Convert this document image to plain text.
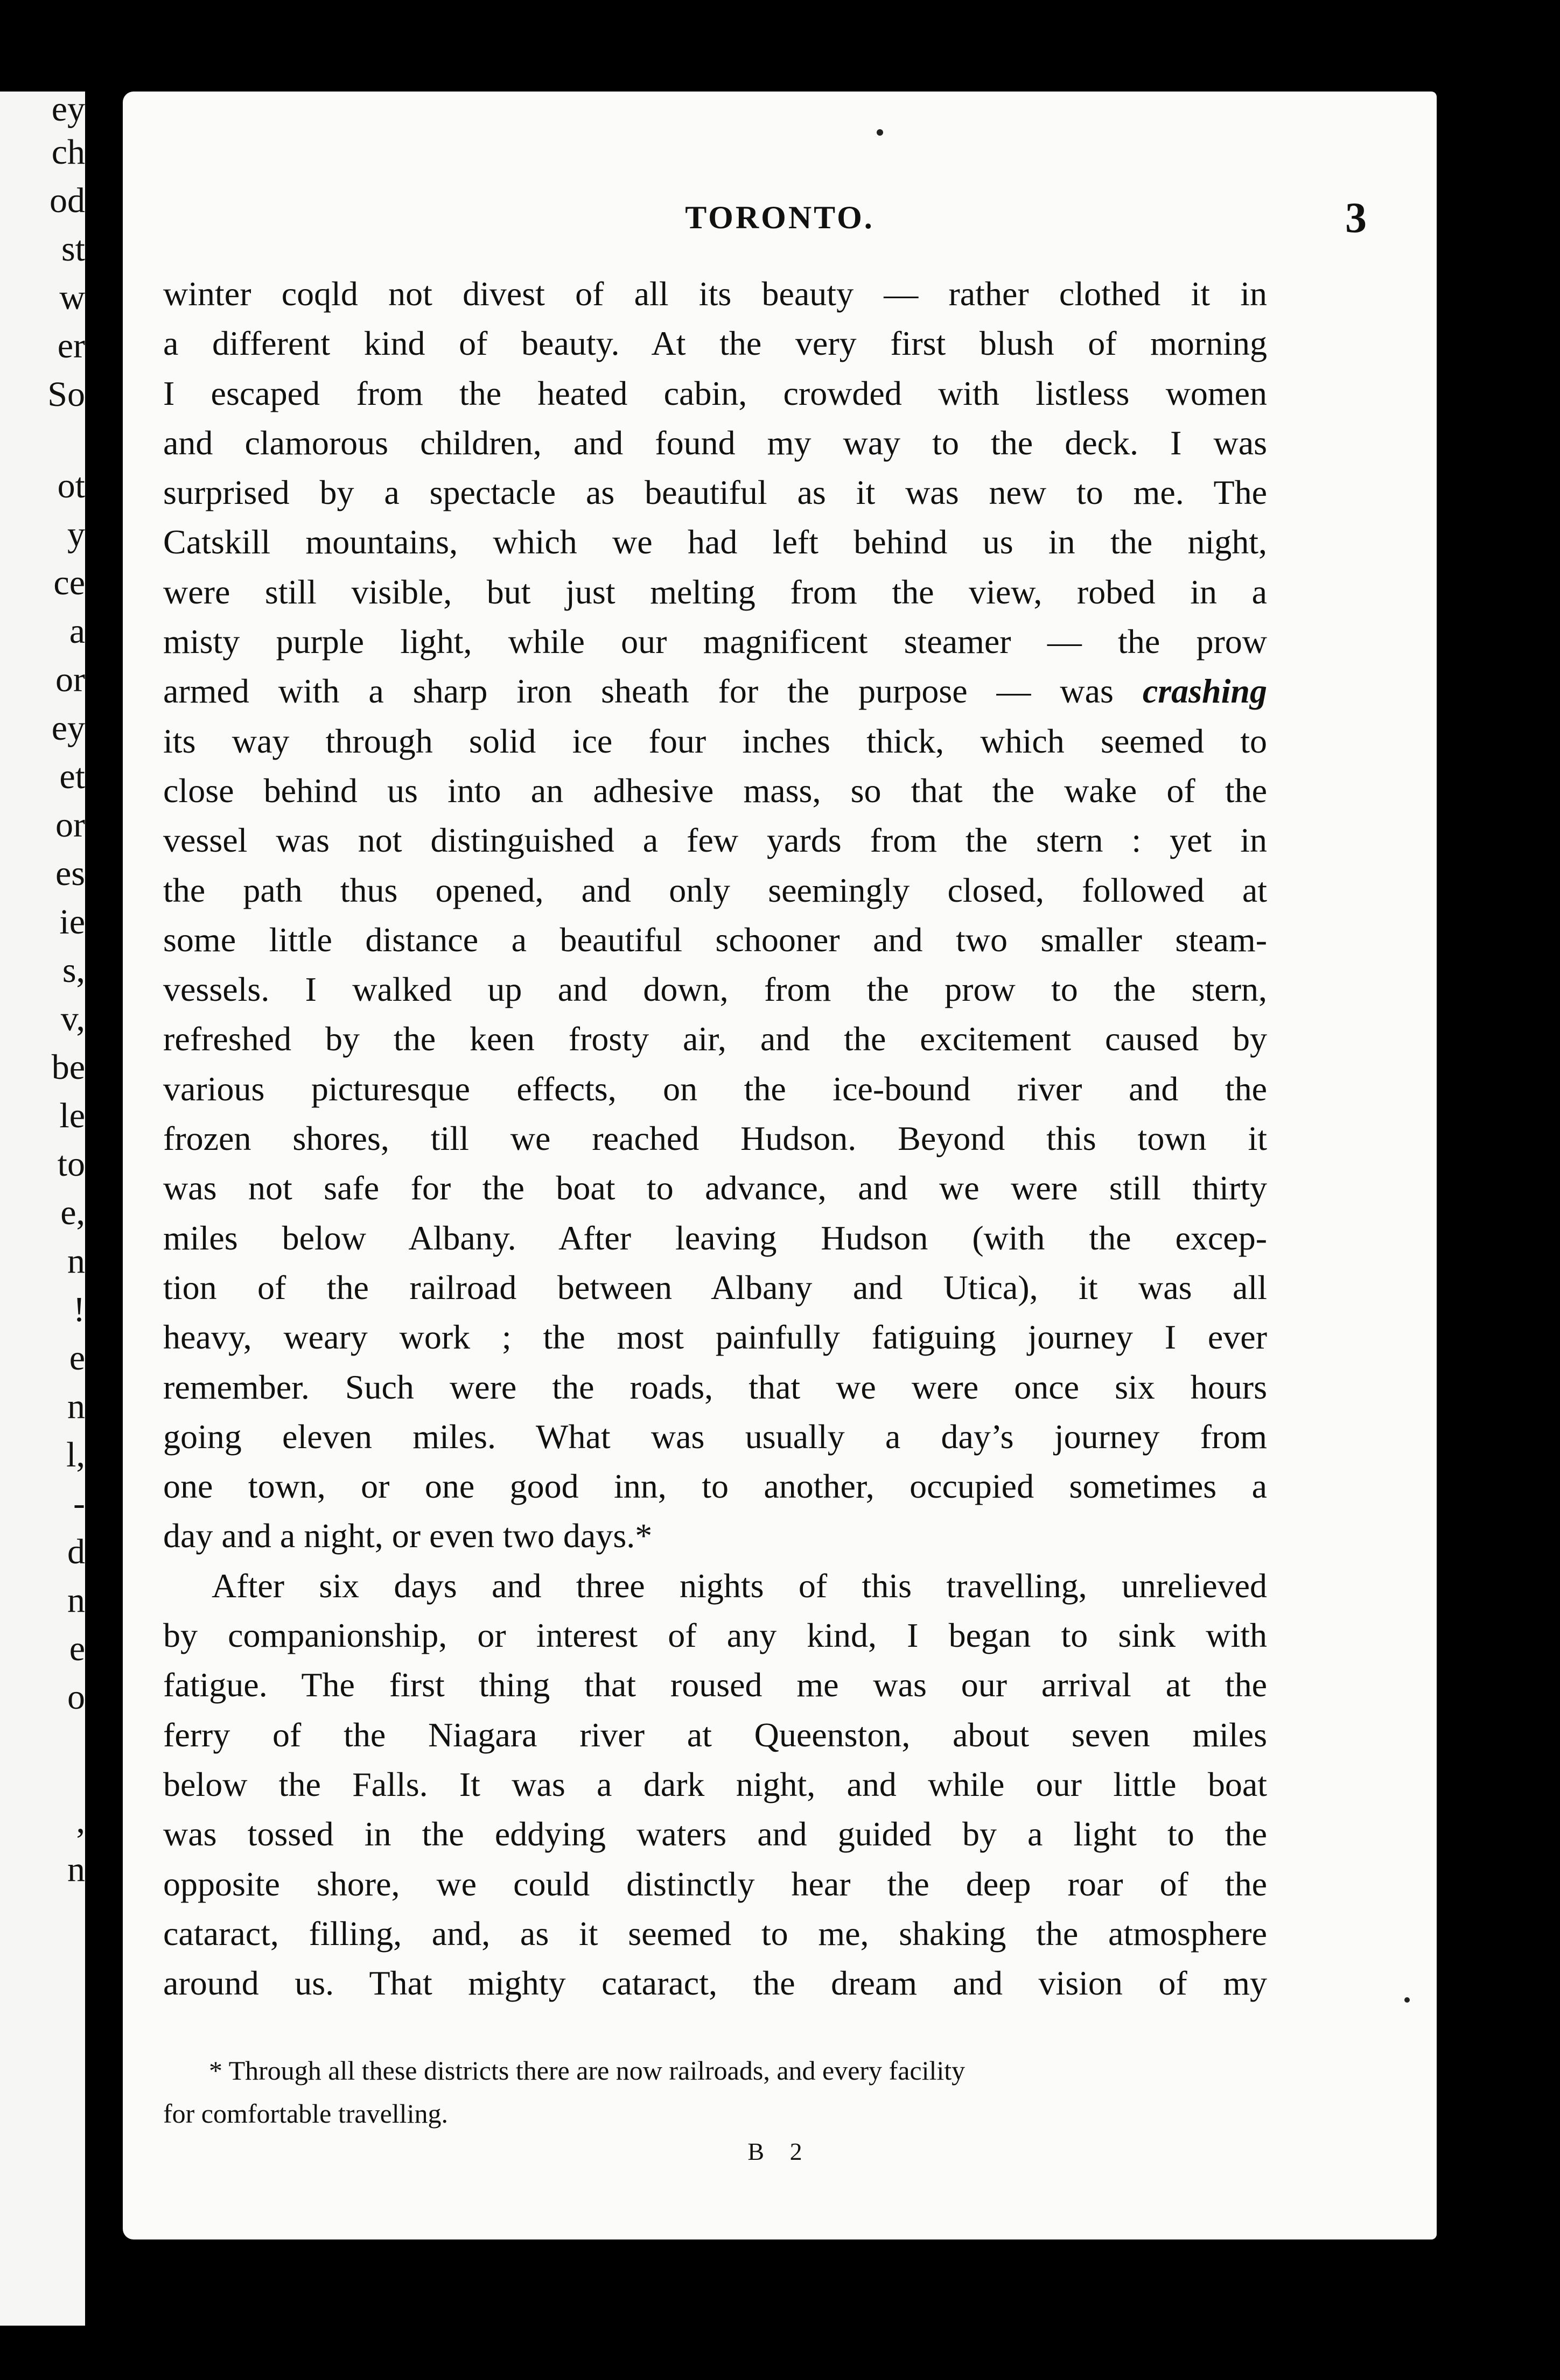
ey
ch
od
st
w
er
So
ot
y
ce
a
or
ey
et
or
es
ie
s,
v,
be
le
to
e,
n
!
e
n
l,
-
d
n
e
o
,
n
TORONTO.	3
winter coqld not divest of all its beauty — rather clothed it in
a different kind of beauty. At the very first blush of morning
I escaped from the heated cabin, crowded with listless women
and clamorous children, and found my way to the deck. I was
surprised by a spectacle as beautiful as it was new to me. The
Catskill mountains, which we had left behind us in the night,
were still visible, but just melting from the view, robed in a
misty purple light, while our magnificent steamer — the prow
armed with a sharp iron sheath for the purpose — was crashing
its way through solid ice four inches thick, which seemed to
close behind us into an adhesive mass, so that the wake of the
vessel was not distinguished a few yards from the stern : yet in
the path thus opened, and only seemingly closed, followed at
some little distance a beautiful schooner and two smaller steam-
vessels. I walked up and down, from the prow to the stern,
refreshed by the keen frosty air, and the excitement caused by
various picturesque effects, on the ice-bound river and the
frozen shores, till we reached Hudson. Beyond this town it
was not safe for the boat to advance, and we were still thirty
miles below Albany. After leaving Hudson (with the excep-
tion of the railroad between Albany and Utica), it was all
heavy, weary work ; the most painfully fatiguing journey I ever
remember. Such were the roads, that we were once six hours
going eleven miles. What was usually a day’s journey from
one town, or one good inn, to another, occupied sometimes a
day and a night, or even two days.*
After six days and three nights of this travelling, unrelieved
by companionship, or interest of any kind, I began to sink with
fatigue. The first thing that roused me was our arrival at the
ferry of the Niagara river at Queenston, about seven miles
below the Falls. It was a dark night, and while our little boat
was tossed in the eddying waters and guided by a light to the
opposite shore, we could distinctly hear the deep roar of the
cataract, filling, and, as it seemed to me, shaking the atmosphere
around us. That mighty cataract, the dream and vision of my
* Through all these districts there are now railroads, and every facility
for comfortable travelling.
B 2
